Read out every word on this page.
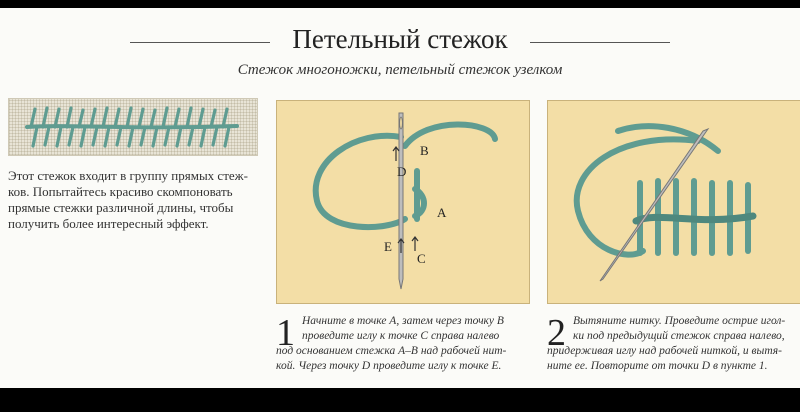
Петельный стежок
Стежок многоножки, петельный стежок узелком
Этот стежок входит в группу прямых стеж-
ков. Попытайтесь красиво скомпоновать
прямые стежки различной длины, чтобы
получить более интересный эффект.
B
D
A
E
C
1 Начните в точке A, затем через точку B
проведите иглу к точке C справа налево
под основанием стежка A–B над рабочей нит-
кой. Через точку D проведите иглу к точке E.
2 Вытяните нитку. Проведите острие игол-
ки под предыдущий стежок справа налево,
придерживая иглу над рабочей ниткой, и вытя-
ните ее. Повторите от точки D в пункте 1.
